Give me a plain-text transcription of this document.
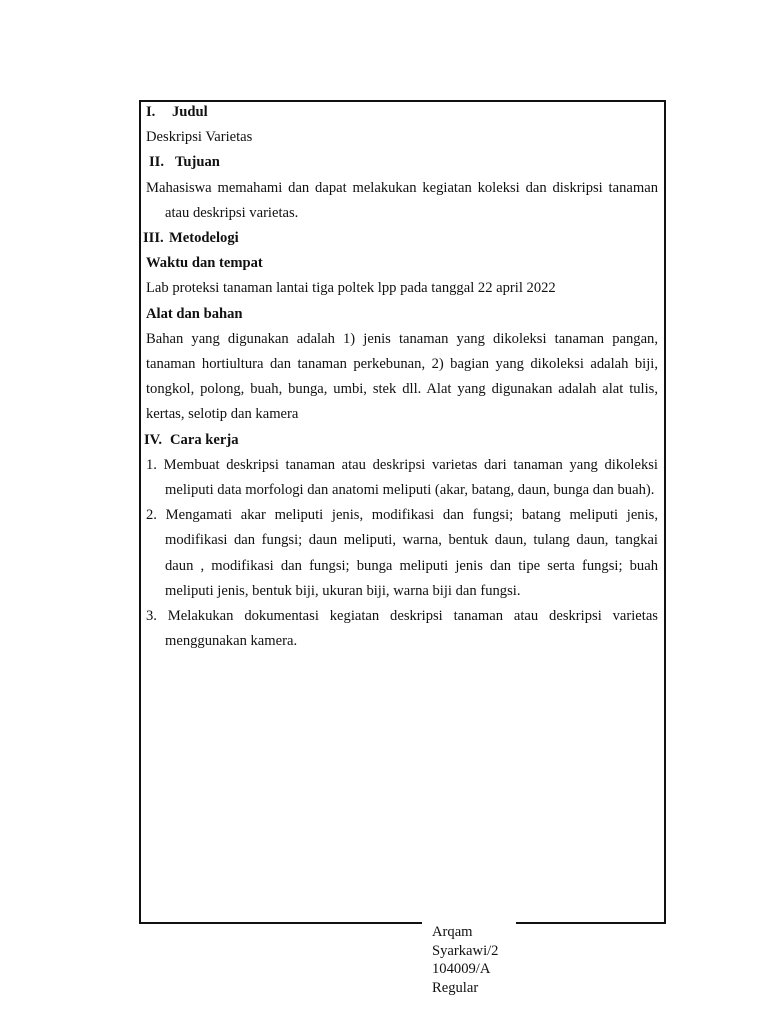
I. Judul

Deskripsi Varietas

II. Tujuan

Mahasiswa memahami dan dapat melakukan kegiatan koleksi dan diskripsi tanaman atau deskripsi varietas.

III. Metodelogi

Waktu dan tempat

Lab proteksi tanaman lantai tiga poltek lpp pada tanggal 22 april 2022

Alat dan bahan

Bahan yang digunakan adalah 1) jenis tanaman yang dikoleksi tanaman pangan, tanaman hortiultura dan tanaman perkebunan, 2) bagian yang dikoleksi adalah biji, tongkol, polong, buah, bunga, umbi, stek dll. Alat yang digunakan adalah alat tulis, kertas, selotip dan kamera

IV. Cara kerja

1. Membuat deskripsi tanaman atau deskripsi varietas dari tanaman yang dikoleksi meliputi data morfologi dan anatomi meliputi (akar, batang, daun, bunga dan buah).

2. Mengamati akar meliputi jenis, modifikasi dan fungsi; batang meliputi jenis, modifikasi dan fungsi; daun meliputi, warna, bentuk daun, tulang daun, tangkai daun , modifikasi dan fungsi; bunga meliputi jenis dan tipe serta fungsi; buah meliputi jenis, bentuk biji, ukuran biji, warna biji dan fungsi.

3. Melakukan dokumentasi kegiatan deskripsi tanaman atau deskripsi varietas menggunakan kamera.

Arqam
Syarkawi/2
104009/A
Regular
